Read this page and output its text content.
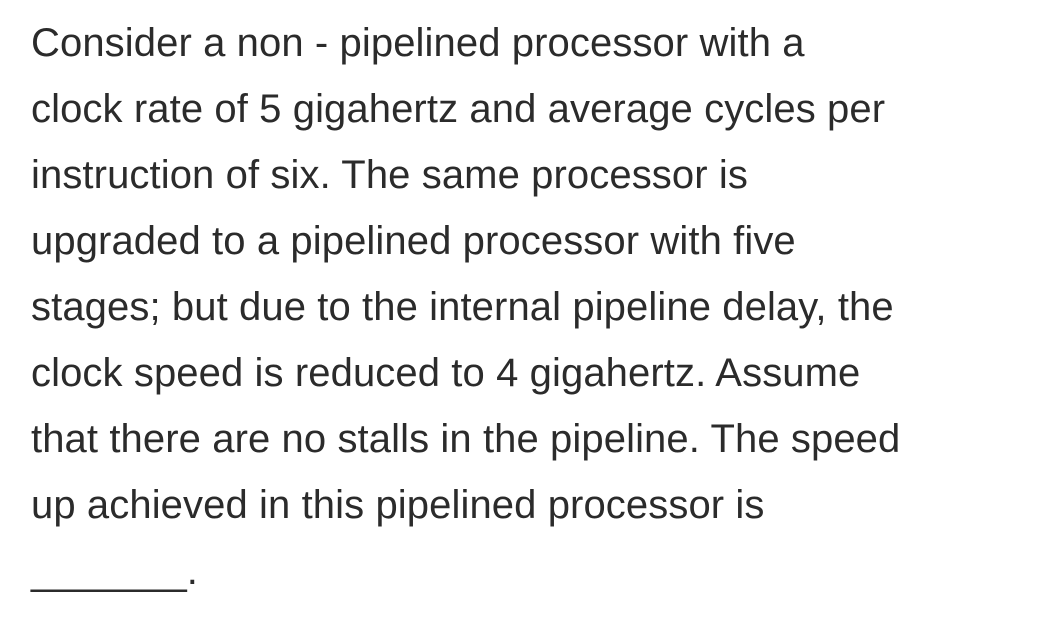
Consider a non - pipelined processor with a
clock rate of 5 gigahertz and average cycles per
instruction of six. The same processor is
upgraded to a pipelined processor with five
stages; but due to the internal pipeline delay, the
clock speed is reduced to 4 gigahertz. Assume
that there are no stalls in the pipeline. The speed
up achieved in this pipelined processor is
_______.
